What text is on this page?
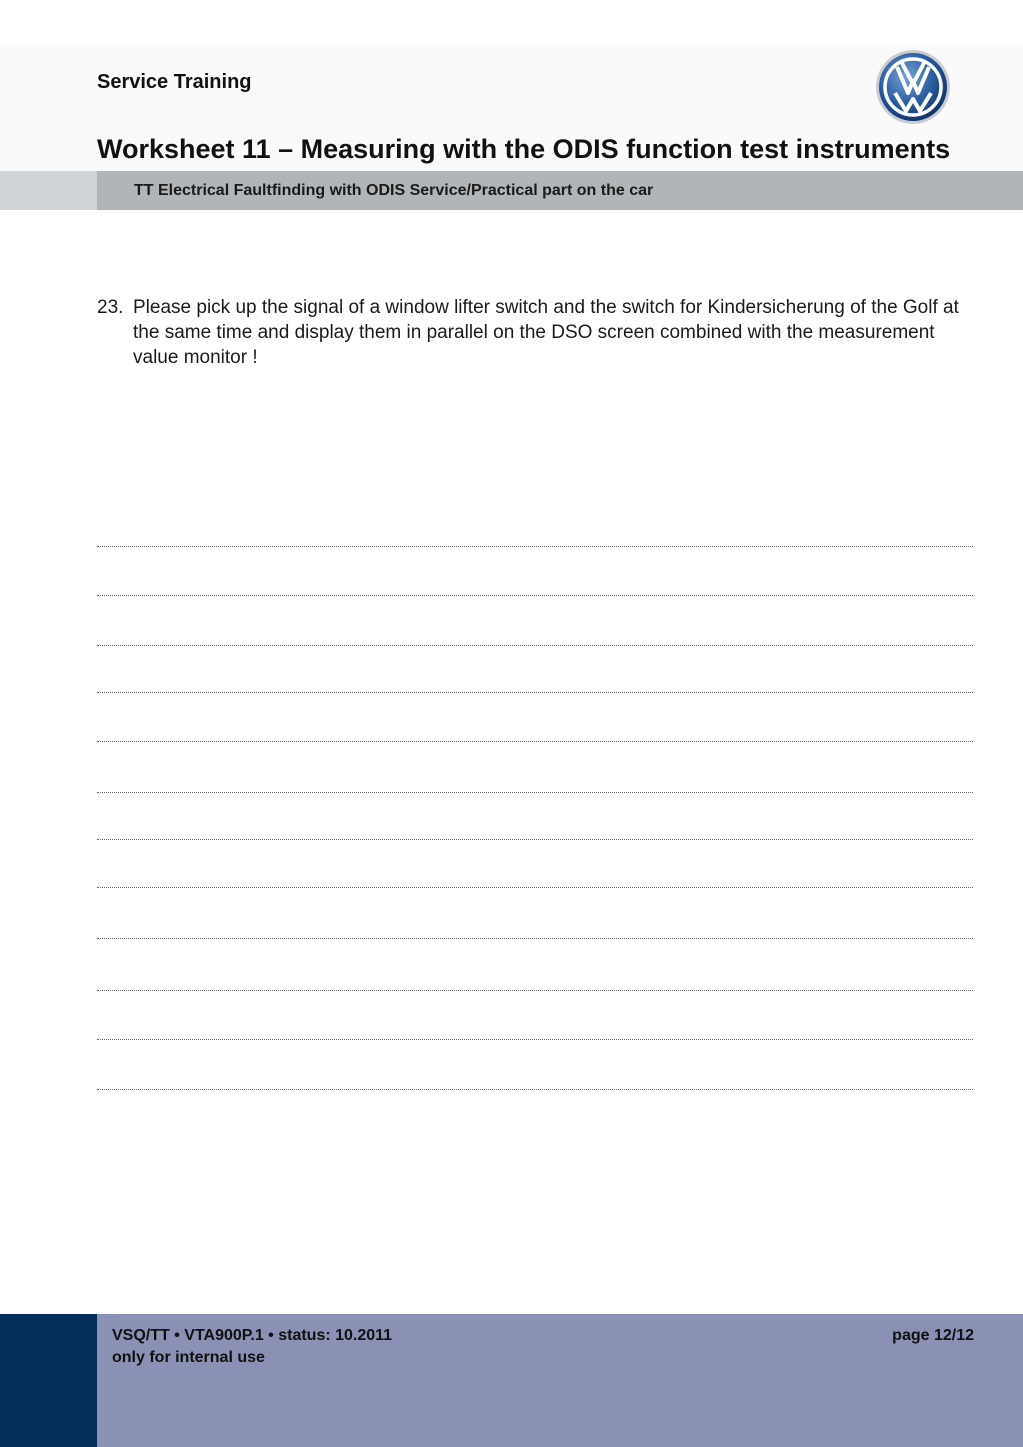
Service Training
Worksheet 11 – Measuring with the ODIS function test instruments
TT Electrical Faultfinding with ODIS Service/Practical part on the car
23. Please pick up the signal of a window lifter switch and the switch for Kindersicherung of the Golf at the same time and display them in parallel on the DSO screen combined with the measurement value monitor !
VSQ/TT • VTA900P.1 • status: 10.2011
only for internal use
page 12/12
